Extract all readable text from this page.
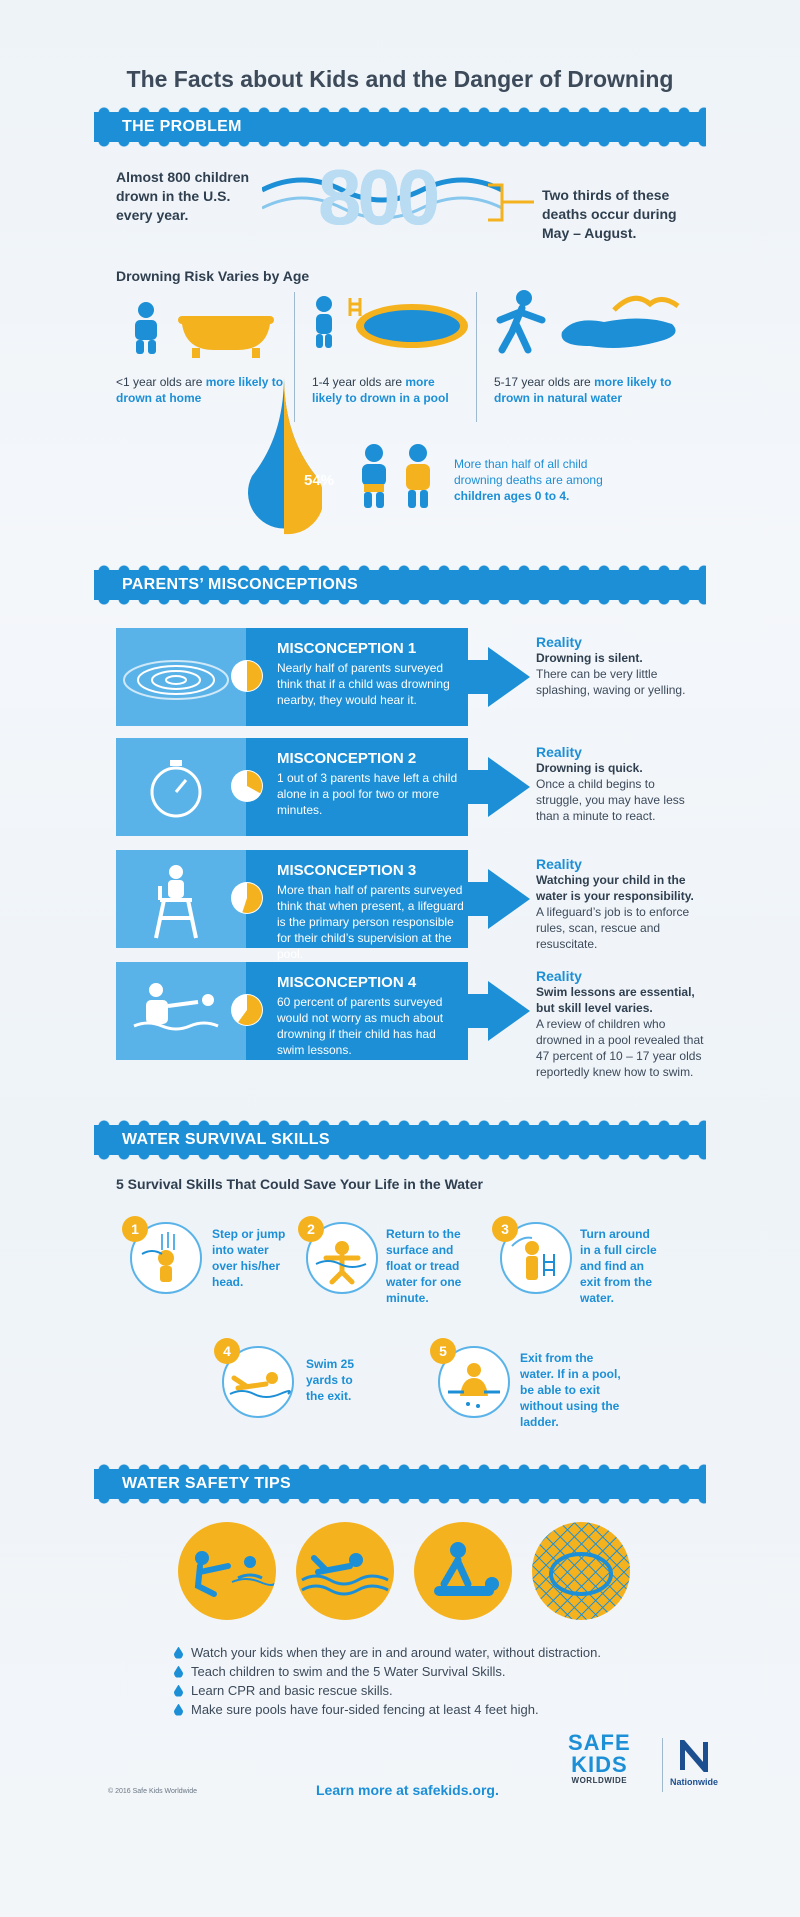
The Facts about Kids and the Danger of Drowning
THE PROBLEM
Almost 800 children drown in the U.S. every year.	800	Two thirds of these deaths occur during May – August.
Drowning Risk Varies by Age
<1 year olds are more likely to drown at home
1-4 year olds are more likely to drown in a pool
5-17 year olds are more likely to drown in natural water
54%
More than half of all child drowning deaths are among children ages 0 to 4.
PARENTS’ MISCONCEPTIONS
MISCONCEPTION 1
Nearly half of parents surveyed think that if a child was drowning nearby, they would hear it.
Reality
Drowning is silent.
There can be very little splashing, waving or yelling.
MISCONCEPTION 2
1 out of 3 parents have left a child alone in a pool for two or more minutes.
Reality
Drowning is quick.
Once a child begins to struggle, you may have less than a minute to react.
MISCONCEPTION 3
More than half of parents surveyed think that when present, a lifeguard is the primary person responsible for their child’s supervision at the pool.
Reality
Watching your child in the water is your responsibility.
A lifeguard’s job is to enforce rules, scan, rescue and resuscitate.
MISCONCEPTION 4
60 percent of parents surveyed would not worry as much about drowning if their child has had swim lessons.
Reality
Swim lessons are essential, but skill level varies.
A review of children who drowned in a pool revealed that 47 percent of 10 – 17 year olds reportedly knew how to swim.
WATER SURVIVAL SKILLS
5 Survival Skills That Could Save Your Life in the Water
1	Step or jump into water over his/her head.
2	Return to the surface and float or tread water for one minute.
3	Turn around in a full circle and find an exit from the water.
4
Swim 25 yards to the exit.
5	Exit from the water. If in a pool, be able to exit without using the ladder.
WATER SAFETY TIPS
Watch your kids when they are in and around water, without distraction.
Teach children to swim and the 5 Water Survival Skills.
Learn CPR and basic rescue skills.
Make sure pools have four-sided fencing at least 4 feet high.
© 2016 Safe Kids Worldwide	Learn more at safekids.org.
SAFE
KIDS
WORLDWIDE	Nationwide
